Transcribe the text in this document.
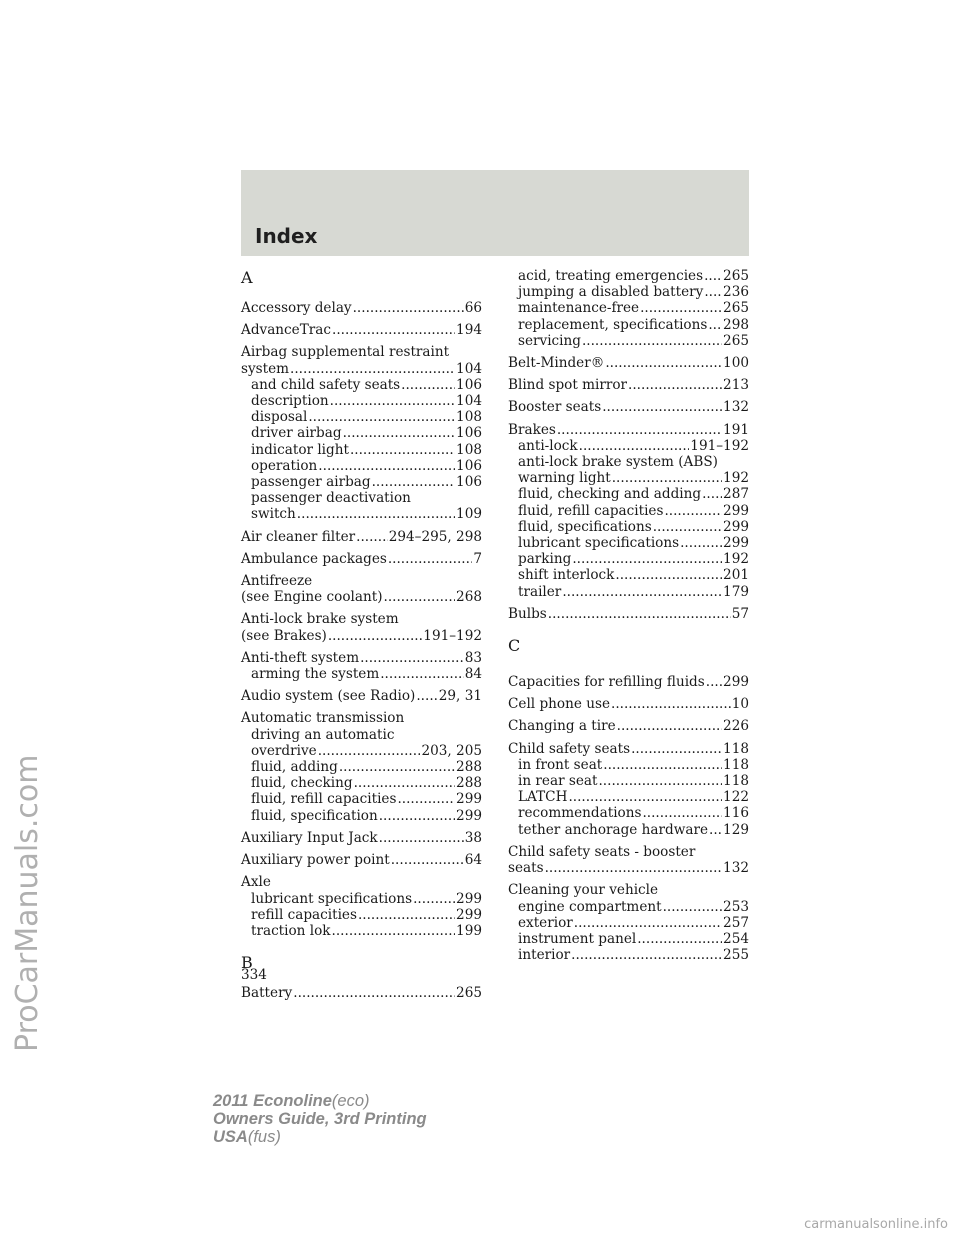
Index
A
Accessory delay .....	66
AdvanceTrac .....	194
Airbag supplemental restraint
system .....	104
and child safety seats .....	106
description .....	104
disposal .....	108
driver airbag .....	106
indicator light .....	108
operation .....	106
passenger airbag .....	106
passenger deactivation
switch .....	109
Air cleaner filter ..... 294–295, 298
Ambulance packages .....	7
Antifreeze
(see Engine coolant) .....	268
Anti-lock brake system
(see Brakes) .....	191–192
Anti-theft system .....	83
arming the system .....	84
Audio system (see Radio) ..... 29, 31
Automatic transmission
driving an automatic
overdrive .....	203, 205
fluid, adding .....	288
fluid, checking .....	288
fluid, refill capacities .....	299
fluid, specification .....	299
Auxiliary Input Jack .....	38
Auxiliary power point .....	64
Axle
lubricant specifications .....	299
refill capacities .....	299
traction lok .....	199
B
Battery .....	265
acid, treating emergencies ..... 265
jumping a disabled battery ..... 236
maintenance-free .....	265
replacement, specifications ..... 298
servicing .....	265
Belt-Minder® .....	100
Blind spot mirror .....	213
Booster seats .....	132
Brakes .....	191
anti-lock .....	191–192
anti-lock brake system (ABS)
warning light .....	192
fluid, checking and adding ..... 287
fluid, refill capacities .....	299
fluid, specifications .....	299
lubricant specifications .....	299
parking .....	192
shift interlock .....	201
trailer .....	179
Bulbs .....	57
C
Capacities for refilling fluids ..... 299
Cell phone use .....	10
Changing a tire .....	226
Child safety seats .....	118
in front seat .....	118
in rear seat .....	118
LATCH .....	122
recommendations .....	116
tether anchorage hardware ..... 129
Child safety seats - booster
seats .....	132
Cleaning your vehicle
engine compartment .....	253
exterior .....	257
instrument panel .....	254
interior .....	255
334
ProCarManuals.com
2011 Econoline(eco)
Owners Guide, 3rd Printing
USA(fus)
carmanualsonline.info
